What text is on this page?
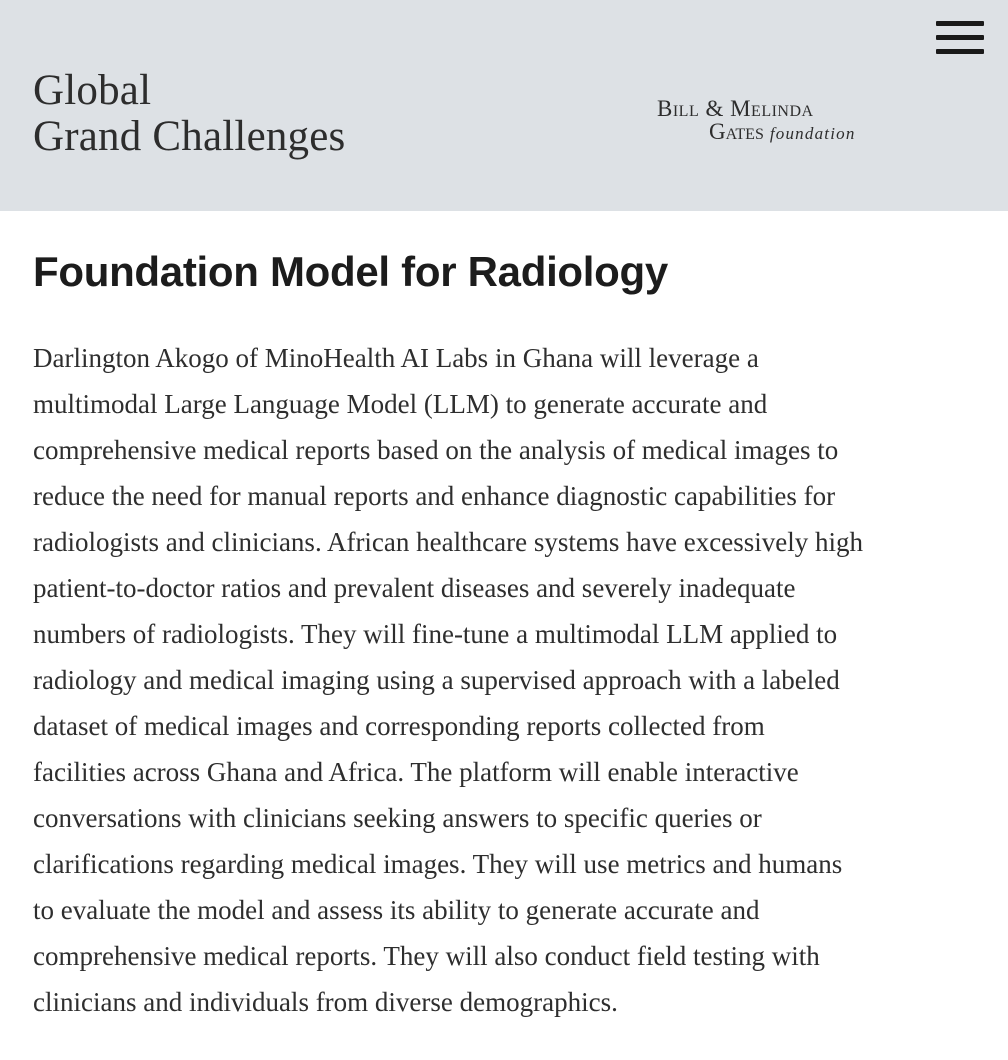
Global
Grand Challenges
Bill & Melinda
Gates foundation
Foundation Model for Radiology

Darlington Akogo of MinoHealth AI Labs in Ghana will leverage a
multimodal Large Language Model (LLM) to generate accurate and
comprehensive medical reports based on the analysis of medical images to
reduce the need for manual reports and enhance diagnostic capabilities for
radiologists and clinicians. African healthcare systems have excessively high
patient-to-doctor ratios and prevalent diseases and severely inadequate
numbers of radiologists. They will fine-tune a multimodal LLM applied to
radiology and medical imaging using a supervised approach with a labeled
dataset of medical images and corresponding reports collected from
facilities across Ghana and Africa. The platform will enable interactive
conversations with clinicians seeking answers to specific queries or
clarifications regarding medical images. They will use metrics and humans
to evaluate the model and assess its ability to generate accurate and
comprehensive medical reports. They will also conduct field testing with
clinicians and individuals from diverse demographics.
